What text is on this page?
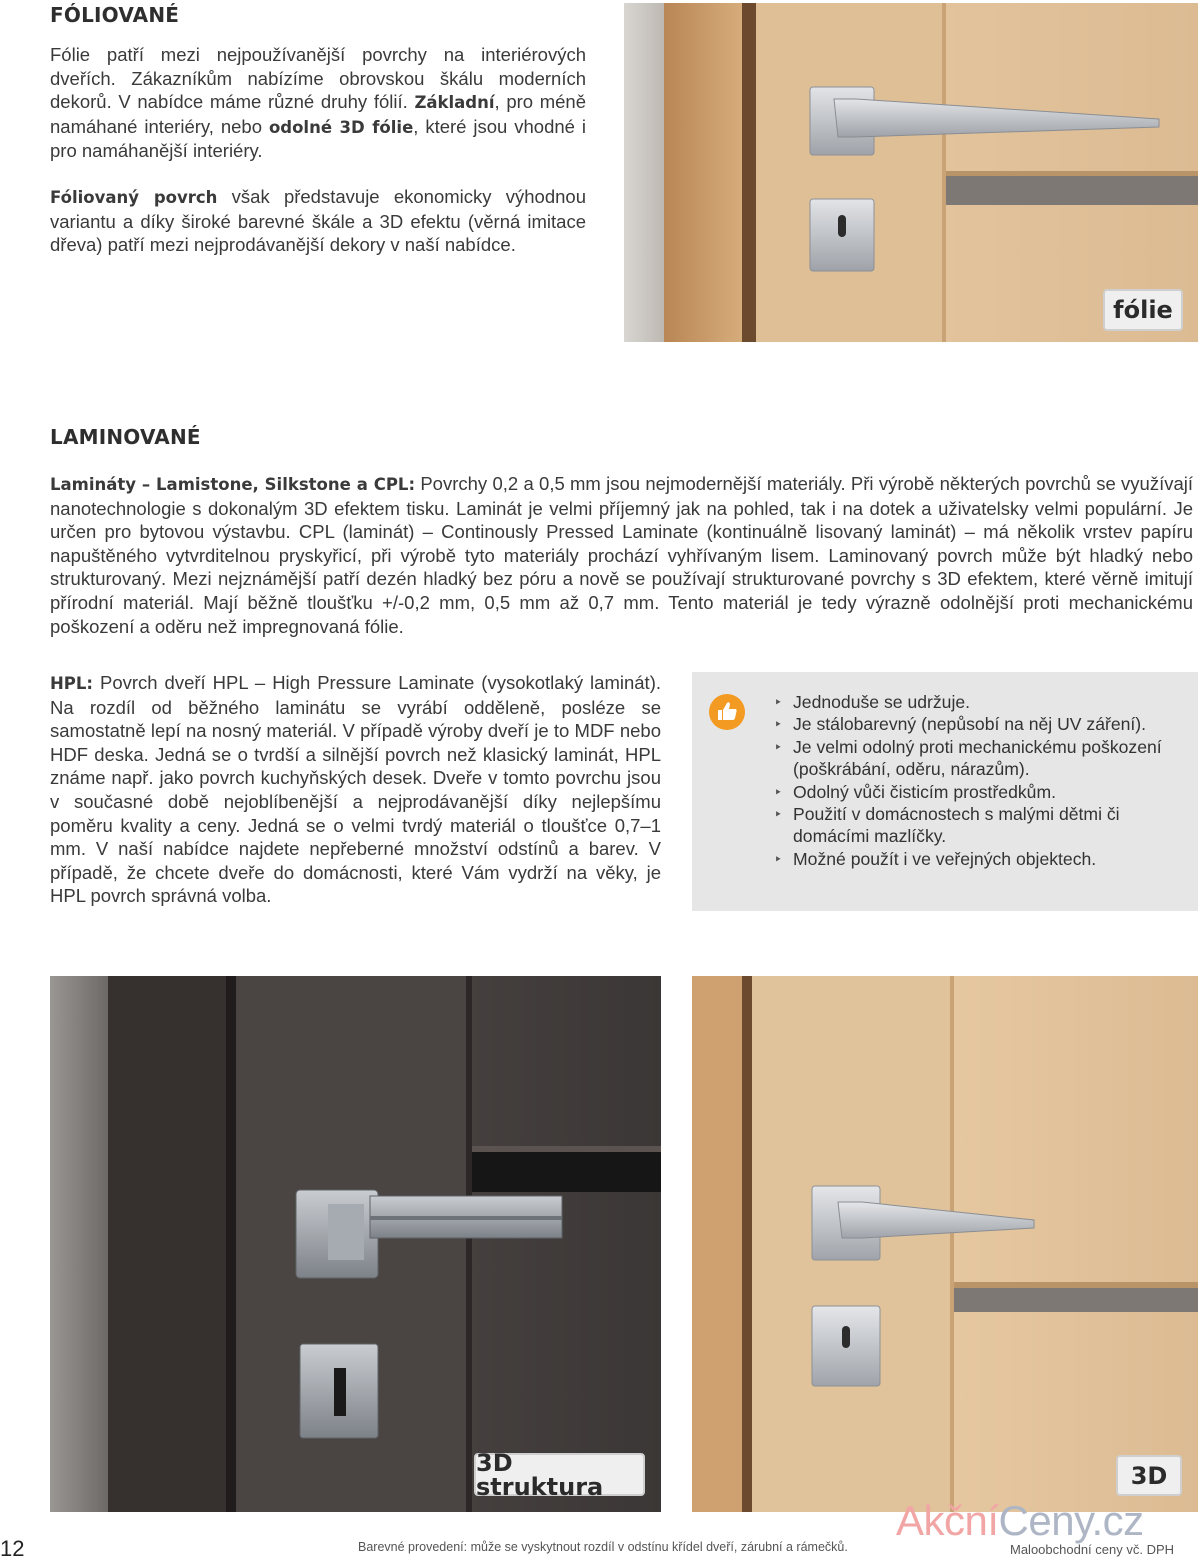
FÓLIOVANÉ

Fólie patří mezi nejpoužívanější povrchy na interiérových dveřích. Zákazníkům nabízíme obrovskou škálu moderních dekorů. V nabídce máme různé druhy fólií. Základní, pro méně namáhané interiéry, nebo odolné 3D fólie, které jsou vhodné i pro namáhanější interiéry.

Fóliovaný povrch však představuje ekonomicky výhodnou variantu a díky široké barevné škále a 3D efektu (věrná imitace dřeva) patří mezi nejprodávanější dekory v naší nabídce.

fólie
LAMINOVANÉ

Lamináty – Lamistone, Silkstone a CPL: Povrchy 0,2 a 0,5 mm jsou nejmodernější materiály. Při výrobě některých povrchů se využívají nanotechnologie s dokonalým 3D efektem tisku. Laminát je velmi příjemný jak na pohled, tak i na dotek a uživatelsky velmi populární. Je určen pro bytovou výstavbu. CPL (laminát) – Continously Pressed Laminate (kontinuálně lisovaný laminát) – má několik vrstev papíru napuštěného vytvrditelnou pryskyřicí, při výrobě tyto materiály prochází vyhřívaným lisem. Laminovaný povrch může být hladký nebo strukturovaný. Mezi nejznámější patří dezén hladký bez póru a nově se používají strukturované povrchy s 3D efektem, které věrně imitují přírodní materiál. Mají běžně tloušťku +/-0,2 mm, 0,5 mm až 0,7 mm. Tento materiál je tedy výrazně odolnější proti mechanickému poškození a oděru než impregnovaná fólie.

HPL: Povrch dveří HPL – High Pressure Laminate (vysokotlaký laminát). Na rozdíl od běžného laminátu se vyrábí odděleně, posléze se samostatně lepí na nosný materiál. V případě výroby dveří je to MDF nebo HDF deska. Jedná se o tvrdší a silnější povrch než klasický laminát, HPL známe např. jako povrch kuchyňských desek. Dveře v tomto povrchu jsou v současné době nejoblíbenější a nejprodávanější díky nejlepšímu poměru kvality a ceny. Jedná se o velmi tvrdý materiál o tloušťce 0,7–1 mm. V naší nabídce najdete nepřeberné množství odstínů a barev. V případě, že chcete dveře do domácnosti, které Vám vydrží na věky, je HPL povrch správná volba.

‣ Jednoduše se udržuje.
‣ Je stálobarevný (nepůsobí na něj UV záření).
‣ Je velmi odolný proti mechanickému poškození (poškrábání, oděru, nárazům).
‣ Odolný vůči čisticím prostředkům.
‣ Použití v domácnostech s malými dětmi či domácími mazlíčky.
‣ Možné použít i ve veřejných objektech.
3D struktura	3D
12	Barevné provedení: může se vyskytnout rozdíl v odstínu křídel dveří, zárubní a rámečků.
AkčníCeny.cz
Maloobchodní ceny vč. DPH
